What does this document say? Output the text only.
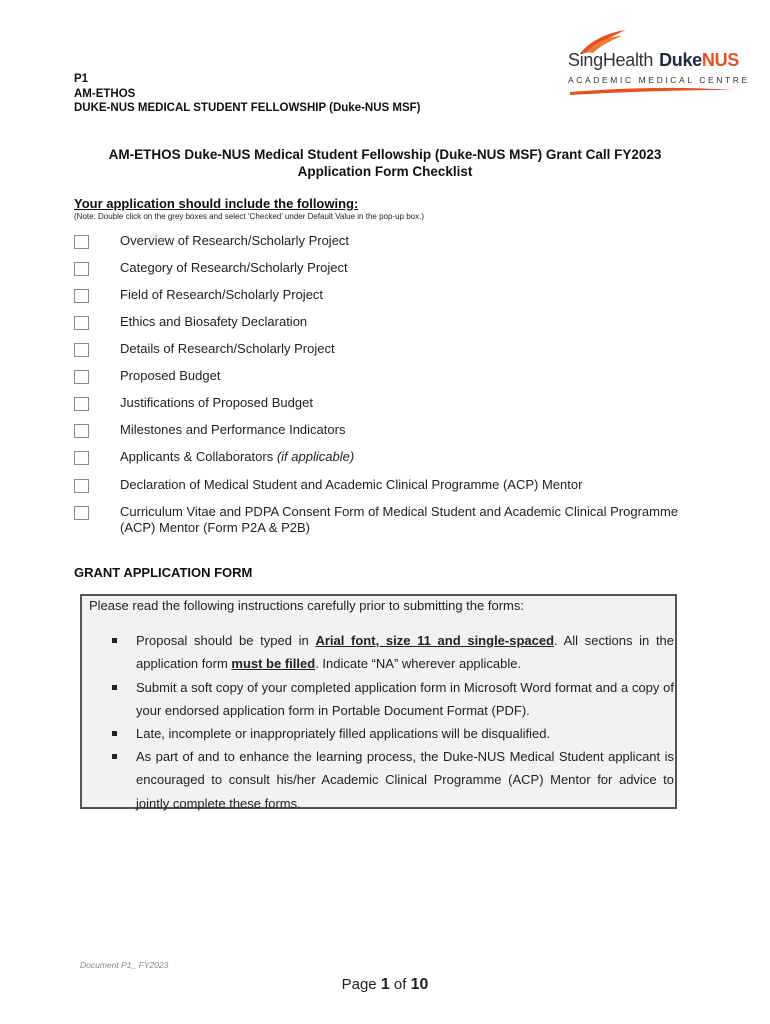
P1
AM-ETHOS
DUKE-NUS MEDICAL STUDENT FELLOWSHIP (Duke-NUS MSF)
SingHealth DukeNUS
ACADEMIC MEDICAL CENTRE
AM-ETHOS Duke-NUS Medical Student Fellowship (Duke-NUS MSF) Grant Call FY2023
Application Form Checklist
Your application should include the following:
(Note: Double click on the grey boxes and select ‘Checked’ under Default Value in the pop-up box.)
Overview of Research/Scholarly Project
Category of Research/Scholarly Project
Field of Research/Scholarly Project
Ethics and Biosafety Declaration
Details of Research/Scholarly Project
Proposed Budget
Justifications of Proposed Budget
Milestones and Performance Indicators
Applicants & Collaborators (if applicable)
Declaration of Medical Student and Academic Clinical Programme (ACP) Mentor
Curriculum Vitae and PDPA Consent Form of Medical Student and Academic Clinical Programme (ACP) Mentor (Form P2A & P2B)
GRANT APPLICATION FORM
Please read the following instructions carefully prior to submitting the forms:
Proposal should be typed in Arial font, size 11 and single-spaced. All sections in the application form must be filled. Indicate “NA” wherever applicable.
Submit a soft copy of your completed application form in Microsoft Word format and a copy of your endorsed application form in Portable Document Format (PDF).
Late, incomplete or inappropriately filled applications will be disqualified.
As part of and to enhance the learning process, the Duke-NUS Medical Student applicant is encouraged to consult his/her Academic Clinical Programme (ACP) Mentor for advice to jointly complete these forms.
Document P1_ FY2023
Page 1 of 10
